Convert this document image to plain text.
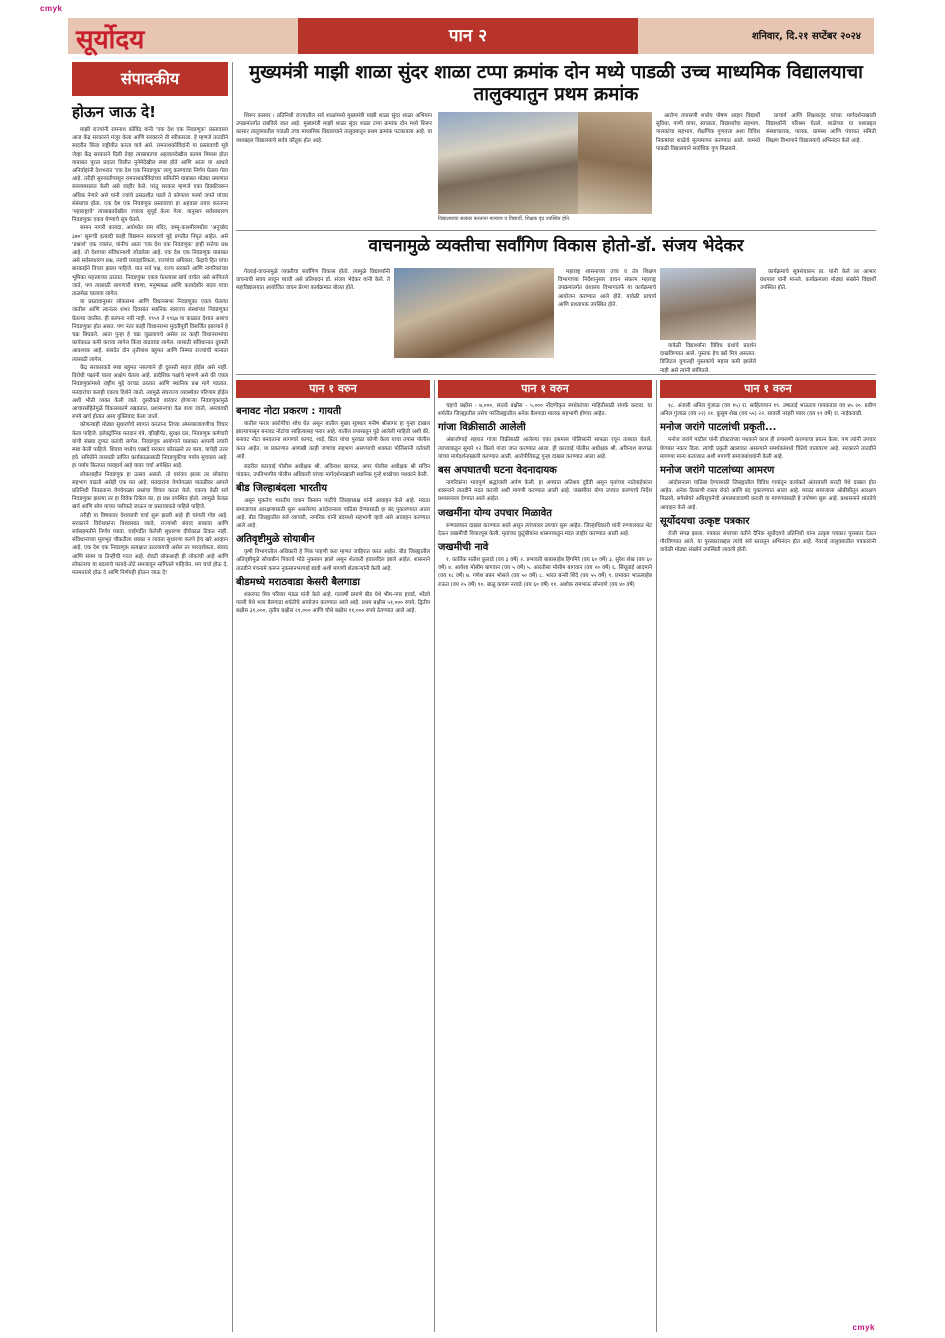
cmyk
सूर्योदय	पान २	शनिवार, दि.२१ सप्टेंबर २०२४
संपादकीय
होऊन जाऊ दे!

माझी राज्यांनी रामनाथ कोविंद यांनी 'एक देश एक निवडणूक' प्रस्तावाला आज केंद्र सरकारने मंजूर केला आणि सरकारने ती स्वीकारला. हे म्हणजे तातडीने सादरीत किंवा राष्ट्रीयीत करता यावे असे. रामनाथकोविंदांनी या प्रस्तावाची सूत्रे जेव्हा केंद्र सरकारने दिली तेव्हा त्याबाबतचा अहवालदेखील कायम मिमास होता याबाबत पूरता प्रदाता विलीत नूनेमेदेखील स्पष्ट होते आणि आता या आधारे अनिर्वाहांनी देशभरात 'एक देश एक निवडणूक' लागू करण्याचा निर्णय घेतला गेला आहे. तरीही सुरुवातीपासून रामनाथकोविंदांच्या समितीने याबाबत मोठ्या प्रमाणात सल्लामसलत केली असे जाहीर केले. परंतु सरकार म्हणजे एका डिक्कीवरून अधिक नेणारे असे यांनी ज्यांचे ठसठशीत पडले ते कोणत्या फार्मा जपते यांच्या संबंधाचा होता. एक देश एक निवडणूक प्रस्तावाचा हा अहवाल तयार करताना 'महाराष्ट्राचे' त्याबाबतदेखील ज्याला सुपूर्द केला गेला. यानुसार सर्वसाधारण निवडणुका एकत्र घेण्याचे सूत्र घेतले.

समान नागरी कायदा, अयोध्येत राम मंदिर, जम्मू-काश्मीरमधील 'अनुच्छेद ३७०' सुरूची इत्यादी काही विद्यमान सरकारचे मुद्दे प्रगतीत निघृत आहेत. असे 'प्रश्नार्थ' एक ज्वलंत, यांनीच आता 'एक देश एक निवडणूक' हाही सत्तेचा प्रश्न आहे. तो देशाच्या संविधानाशी जोडलेला आहे. एक देश एक निवडणूक याबाबत असे सर्वसाधारण प्रश्न, त्याची व्यावहारिकता, राज्यांचा अधिकार, केंद्राचे हित यांचा बारकाईने विचार झाला पाहिजे. यात सर्व पक्ष, राज्य सरकारे आणि नागरिकांच्या भूमिका महत्त्वाच्या ठरतात. निवडणुका एकत्र घेतल्यास खर्च वाचेल असे सांगितले जाते, पण त्यासाठी लागणारी यंत्रणा, मनुष्यबळ आणि कायदेशीर बदल याचा ताळमेळ घालावा लागेल.

या प्रस्तावानुसार लोकसभा आणि विधानसभा निवडणुका एकत्र घेतल्या जातील आणि त्यानंतर शंभर दिवसांत स्थानिक स्वराज्य संस्थांच्या निवडणुका घेतल्या जातील. ही कल्पना नवी नाही. १९५१ ते १९६७ या काळात देशात अशाच निवडणुका होत असत. पण नंतर काही विधानसभा मुदतीपूर्वी विसर्जित झाल्याने हे चक्र बिघडले. आता पुन्हा हे चक्र जुळवायचे असेल तर काही विधानसभांचा कार्यकाळ कमी करावा लागेल किंवा वाढवावा लागेल. यासाठी संविधानात दुरुस्ती आवश्यक आहे. संसदेत दोन तृतीयांश बहुमत आणि निम्म्या राज्यांची मान्यता त्यासाठी लागेल.

केंद्र सरकारकडे स्पष्ट बहुमत नसल्याने ही दुरुस्ती सहज होईल असे नाही. विरोधी पक्षांनी याला आक्षेप घेतला आहे. प्रादेशिक पक्षांचे म्हणणे असे की एकत्र निवडणुकांमध्ये राष्ट्रीय मुद्दे वरचढ ठरतात आणि स्थानिक प्रश्न मागे पडतात. मतदारांचा कलही एकाच दिशेने जातो. त्यामुळे संघराज्य व्यवस्थेवर परिणाम होईल अशी भीती व्यक्त केली जाते. दुसरीकडे वारंवार होणाऱ्या निवडणुकांमुळे आचारसंहितेमुळे विकासकामे रखडतात, प्रशासनाचा वेळ वाया जातो, अब्जावधी रुपये खर्च होतात असा युक्तिवाद केला जातो.

कोणत्याही मोठ्या सुधारणेचे स्वागत करताना तिच्या अंमलबजावणीचा विचार केला पाहिजे. इलेक्ट्रॉनिक मतदान यंत्रे, व्हीव्हीपॅट, सुरक्षा दल, निवडणूक कर्मचारी यांची संख्या दुप्पट करावी लागेल. निवडणूक आयोगाने याबाबत आपली तयारी स्पष्ट केली पाहिजे. शिवाय मध्येच एखादे सरकार कोसळले तर काय, याचेही उत्तर हवे. समितीने त्यासाठी उर्वरित कार्यकाळासाठी निवडणुकीचा पर्याय सुचवला आहे. हा पर्याय कितपत व्यवहार्य आहे यावर चर्चा अपेक्षित आहे.

लोकशाहीत निवडणूक हा उत्सव असतो. तो वारंवार झाला तर लोकांचा सहभाग वाढतो असेही एक मत आहे. मतदारांना वेगवेगळ्या पातळीवर आपले प्रतिनिधी निवडताना वेगवेगळ्या प्रश्नांचा विचार करता येतो. एकाच वेळी सर्व निवडणुका झाल्या तर हा विवेक टिकेल का, हा प्रश्न उपस्थित होतो. त्यामुळे केवळ खर्च आणि सोय याच्या पलीकडे जाऊन या प्रस्तावाकडे पाहिले पाहिजे.

तरीही या विषयावर देशव्यापी चर्चा सुरू झाली आहे ही चांगली गोष्ट आहे. सरकारने विरोधकांना विश्वासात घ्यावे, राज्यांशी संवाद साधावा आणि सर्वसहमतीने निर्णय घ्यावा. घाईगर्दीत केलेली सुधारणा दीर्घकाळ टिकत नाही. संविधानाच्या मूलभूत चौकटीला धक्का न लावता सुधारणा करणे हेच खरे आव्हान आहे. एक देश एक निवडणूक प्रत्यक्षात उतरवायची असेल तर पारदर्शकता, संवाद आणि संयम या तिन्हींची गरज आहे. शेवटी लोकशाही ही लोकांची आहे आणि लोकांनाच या बदलाचे फायदे-तोटे समजावून सांगितले पाहिजेत. मग चर्चा होऊ दे, मतमतांतरे होऊ दे आणि निर्णयही होऊन जाऊ दे!

मुख्यमंत्री माझी शाळा सुंदर शाळा टप्पा क्रमांक दोन मध्ये पाडळी उच्च माध्यमिक विद्यालयाचा तालुक्यातुन प्रथम क्रमांक

शिरूर कासार । प्रतिनिधी राज्यातील सर्व शाळांमध्ये मुख्यमंत्री माझी शाळा सुंदर शाळा अभियान उपक्रमांतर्गत राबविले जात आहे. मुख्यमंत्री माझी शाळा सुंदर शाळा टप्पा क्रमांक दोन मध्ये शिरूर कासार तालुक्यातील पाडळी उच्च माध्यमिक विद्यालयाने तालुक्यातून प्रथम क्रमांक पटकावला आहे. या यशाबद्दल विद्यालयाचे सर्वत्र कौतुक होत आहे.

विद्यालयाचा सत्कार करताना मान्यवर व विद्यार्थी, शिक्षक वृंद उपस्थित होते.

आरोग्य तपासणी शालेय पोषण आहार विद्यार्थी सुविधा, पाणी वापर, स्वच्छता, विद्यार्थ्यांचा सहभाग, पालकांचा सहभाग, शैक्षणिक गुणवत्ता अशा विविध निकषांवर शाळेचे मूल्यमापन करण्यात आले. यामध्ये पाडळी विद्यालयाने सर्वाधिक गुण मिळवले.

प्राचार्य आणि शिक्षकवृंद यांच्या मार्गदर्शनाखाली विद्यार्थ्यांनी परिश्रम घेतले. शाळेच्या या यशाबद्दल संस्थाचालक, पालक, ग्रामस्थ आणि पंचायत समिती शिक्षण विभागाने विद्यालयाचे अभिनंदन केले आहे.

वाचनामुळे व्यक्तीचा सर्वांगिण विकास होतो-डॉ. संजय भेदेकर

गेवराई-वाचनामुळे व्यक्तीचा सर्वांगिण विकास होतो. त्यामुळे विद्यार्थ्यांनी वाचनाची सवय लावून घ्यावी असे प्रतिपादन डॉ. संजय भेदेकर यांनी केले. ते महाविद्यालयात आयोजित वाचन प्रेरणा कार्यक्रमात बोलत होते.

महाराष्ट्र शासनाच्या उच्च व तंत्र शिक्षण विभागाच्या निर्देशानुसार वाचन संकल्प महाराष्ट्र उपक्रमांतर्गत ग्रंथालय विभागातर्फे या कार्यक्रमाचे आयोजन करण्यात आले होते. यावेळी प्राचार्य आणि प्राध्यापक उपस्थित होते.

यावेळी विद्यार्थ्यांना विविध ग्रंथांचे प्रदर्शन दाखविण्यात आले. पुस्तक हेच खरे मित्र असतात. डिजिटल युगातही पुस्तकांचे महत्त्व कमी झालेले नाही असे त्यांनी सांगितले.

कार्यक्रमाचे सूत्रसंचालन प्रा. यांनी केले तर आभार ग्रंथपाल यांनी मानले. कार्यक्रमाला मोठ्या संख्येने विद्यार्थी उपस्थित होते.

पान १ वरुन	पान १ वरुन	पान १ वरुन
बनावट नोटा प्रकरण : गायती

यातील फरार आरोपींचा शोध घेत असून यातील मुख्य सूत्रधार मनीष श्रीसागर हा गुन्हा दाखल झाल्यापासून बनावट नोटांचा साहित्यासह फरार आहे. यातील तपासातून पुढे आलेली माहिती अशी की, बनावट नोटा बनवताना लागणारे कागद, शाई, प्रिंटर यांचा पुरवठा कोणी केला याचा तपास पोलीस करत आहेत. या प्रकरणात आणखी काही जणांचा सहभाग असण्याची शक्यता पोलिसांनी वर्तवली आहे.

सदरील कारवाई पोलीस अधीक्षक श्री. अविनाश बारगळ, अपर पोलीस अधीक्षक श्री सचिन पांडकर, उपविभागीय पोलीस अधिकारी यांच्या मार्गदर्शनाखाली स्थानिक गुन्हे शाखेच्या पथकाने केली.

बीड जिल्हाबंदला भारतीय

असून मुकतेच भारतीय जवान किसान पार्टीचे जिल्हाध्यक्ष यांनी आवाहन केले आहे. मराठा समाजाच्या आरक्षणासाठी सुरू असलेल्या आंदोलनाला पाठिंबा देण्यासाठी हा बंद पुकारण्यात आला आहे. बीड जिल्ह्यातील सर्व व्यापारी, नागरिक यांनी बंदमध्ये सहभागी व्हावे असे आवाहन करण्यात आले आहे.

अतिवृष्टीमुळे सोयाबीन

कृषी विभागातील अधिकारी हे पिक पाहणी करा म्हणत जाहिरात करत आहेत. बीड जिल्ह्यातील अतिवृष्टीमुळे सोयाबीन पिकाचे मोठे नुकसान झाले असून शेतकरी हवालदिल झाले आहेत. शासनाने तातडीने पंचनामे करून नुकसानभरपाई द्यावी अशी मागणी शेतकऱ्यांनी केली आहे.

बीडमध्ये मराठवाडा केसरी बैलगाडा

शंकरपट मित्र परिवार मंडळ यांनी केले आहे. गतवर्षी प्रमाणे बीड येथे भीम-नगर हावर्ड, भोंडवे गल्ली येथे भव्य बैलगाडा शर्यतीचे आयोजन करण्यात आले आहे. प्रथम बक्षीस ५१,००० रुपये, द्वितीय बक्षीस ३१,०००, तृतीय बक्षीस २१,००० आणि चौथे बक्षीस ११,००० रुपये ठेवण्यात आले आहे.

चहाचे बक्षीस - ७,०००, सातवे बक्षीस - ५,००० नोंदणीकृत स्पर्धकांच्या माहितीसाठी संपर्क करावा. या शर्यतीत जिल्ह्यातील तसेच परजिल्ह्यातील अनेक बैलगाडा मालक सहभागी होणार आहेत.

गांजा विक्रीसाठी आलेली

अंबाजोगाई शहरात गांजा विक्रीसाठी आलेल्या एका इसमास पोलिसांनी सापळा रचून ताब्यात घेतले. त्याच्याकडून सुमारे १२ किलो गांजा जप्त करण्यात आला. ही कारवाई पोलीस अधीक्षक श्री. अविनाश बारगळ यांच्या मार्गदर्शनाखाली करण्यात आली. आरोपीविरुद्ध गुन्हा दाखल करण्यात आला आहे.

बस अपघातची घटना वेदनादायक

नागरिकांना भावपूर्ण श्रद्धांजली अर्पण केली. हा अपघात अतिशय दुर्दैवी असून मृतांच्या नातेवाईकांना शासनाने तातडीने मदत करावी अशी मागणी करण्यात आली आहे. जखमींवर योग्य उपचार करण्याचे निर्देश प्रशासनाला देण्यात आले आहेत.

जखमींना योग्य उपचार मिळावेत

रुग्णालयात दाखल करण्यात आले असून त्यांच्यावर उपचार सुरू आहेत. जिल्हाधिकारी यांनी रुग्णालयात भेट देऊन जखमींची विचारपूस केली. मृतांच्या कुटुंबीयांना शासनाकडून मदत जाहीर करण्यात आली आहे.

जखमीची नावे

१. कार्तिक सतीश कुलाडे (वय ३ वर्षे) २. प्रभावती बाबासाहेब हिंगमिरे (वय ६० वर्षे) ३. सुरेश शेख (वय ६० वर्षे) ४. आयेशा मोसीम बागवान (वय ५ वर्षे) ५. आरतीसा मोसीम बागवान (वय २० वर्षे) ६. सिंधूताई आदमाने (वय १८ वर्षे) ७. गणेश बबन भोसले (वय ५० वर्षे) ८. भारत बन्सी शिंदे (वय ५५ वर्षे) ९. प्रभाकर भाऊसाहेब राऊत (वय २५ वर्षे) १०. बाळू कचरू नरवडे (वय ६० वर्षे) ११. अशोक रामभाऊ सोनवणे (वय ४० वर्षे)

१८. अंजली अनिल गुंजाळ (वय १५) रा. साहित्यपान १९. उषाताई भाऊराव गायकवाड वय ४५ २०. प्रवीण अनिल गुंजाळ (वय २२) २१. कुसुम शेख (वय ५५) २२. सावली नरहरी पवार (वय १९ वर्षे) रा. नाईकवाडी.

मनोज जरांगे पाटलांची प्रकृती...

मनोज जरांगे पाटील यांनी डॉक्टरांच्या पथकाने काल ही तपासणी करण्याचा प्रयत्न केला. पण त्यांनी उपचार घेण्यास नकार दिला. त्यांची प्रकृती खालावत असल्याने समर्थकांमध्ये चिंतेचे वातावरण आहे. सरकारने तातडीने मागण्या मान्य कराव्यात अशी मागणी समाजबांधवांनी केली आहे.

मनोज जरांगे पाटलांच्या आमरण

आंदोलनाला पाठिंबा देण्यासाठी जिल्ह्यातील विविध गावांतून कार्यकर्ते अंतरवाली सराटी येथे दाखल होत आहेत. अनेक ठिकाणी रास्ता रोको आणि बंद पुकारण्यात आला आहे. मराठा समाजाला ओबीसीतून आरक्षण मिळावे, सगेसोयरे अधिसूचनेची अंमलबजावणी करावी या मागण्यांसाठी हे उपोषण सुरू आहे. प्रशासनाने शांततेचे आवाहन केले आहे.

सूर्योदयचा उत्कृष्ट पत्रकार

रोजी संपन्न झाला. पत्रकार संघाच्या वतीने दैनिक सूर्योदयचे प्रतिनिधी यांना उत्कृष्ट पत्रकार पुरस्कार देऊन गौरविण्यात आले. या पुरस्काराबद्दल त्यांचे सर्व स्तरातून अभिनंदन होत आहे. गेवराई तालुक्यातील पत्रकारांनी यावेळी मोठ्या संख्येने उपस्थिती लावली होती.

cmyk
